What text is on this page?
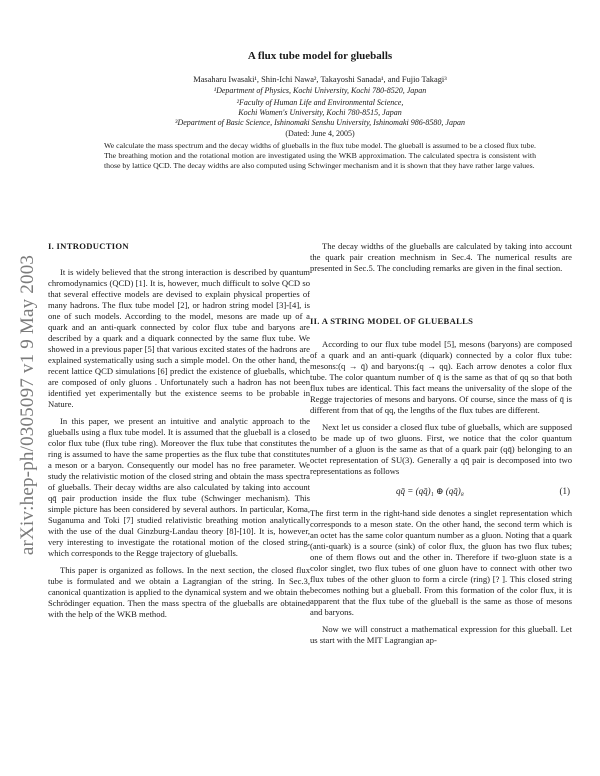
arXiv:hep-ph/0305097 v1 9 May 2003
A flux tube model for glueballs
Masaharu Iwasaki¹, Shin-Ichi Nawa², Takayoshi Sanada¹, and Fujio Takagi³
¹Department of Physics, Kochi University, Kochi 780-8520, Japan
²Faculty of Human Life and Environmental Science,
Kochi Women's University, Kochi 780-8515, Japan
³Department of Basic Science, Ishinomaki Senshu University, Ishinomaki 986-8580, Japan
(Dated: June 4, 2005)
We calculate the mass spectrum and the decay widths of glueballs in the flux tube model. The glueball is assumed to be a closed flux tube. The breathing motion and the rotational motion are investigated using the WKB approximation. The calculated spectra is consistent with those by lattice QCD. The decay widths are also computed using Schwinger mechanism and it is shown that they have rather large values.

I. INTRODUCTION

It is widely believed that the strong interaction is described by quantum chromodynamics (QCD) [1]. It is, however, much difficult to solve QCD so that several effective models are devised to explain physical properties of many hadrons. The flux tube model [2], or hadron string model [3]-[4], is one of such models. According to the model, mesons are made up of a quark and an anti-quark connected by color flux tube and baryons are described by a quark and a diquark connected by the same flux tube. We showed in a previous paper [5] that various excited states of the hadrons are explained systematically using such a simple model. On the other hand, the recent lattice QCD simulations [6] predict the existence of glueballs, which are composed of only gluons . Unfortunately such a hadron has not been identified yet experimentally but the existence seems to be probable in Nature.

In this paper, we present an intuitive and analytic approach to the glueballs using a flux tube model. It is assumed that the glueball is a closed color flux tube (flux tube ring). Moreover the flux tube that constitutes the ring is assumed to have the same properties as the flux tube that constitutes a meson or a baryon. Consequently our model has no free parameter. We study the relativistic motion of the closed string and obtain the mass spectra of glueballs. Their decay widths are also calculated by taking into account qq̄ pair production inside the flux tube (Schwinger mechanism). This simple picture has been considered by several authors. In particular, Koma, Suganuma and Toki [7] studied relativistic breathing motion analytically with the use of the dual Ginzburg-Landau theory [8]-[10]. It is, however, very interesting to investigate the rotational motion of the closed string, which corresponds to the Regge trajectory of glueballs.

This paper is organized as follows. In the next section, the closed flux tube is formulated and we obtain a Lagrangian of the string. In Sec.3, canonical quantization is applied to the dynamical system and we obtain the Schrödinger equation. Then the mass spectra of the glueballs are obtained with the help of the WKB method.

The decay widths of the glueballs are calculated by taking into account the quark pair creation mechnism in Sec.4. The numerical results are presented in Sec.5. The concluding remarks are given in the final section.

II. A STRING MODEL OF GLUEBALLS

According to our flux tube model [5], mesons (baryons) are composed of a quark and an anti-quark (diquark) connected by a color flux tube: mesons:(q → q̄) and baryons:(q → qq). Each arrow denotes a color flux tube. The color quantum number of q̄ is the same as that of qq so that both flux tubes are identical. This fact means the universality of the slope of the Regge trajectories of mesons and baryons. Of course, since the mass of q̄ is different from that of qq, the lengths of the flux tubes are different.

Next let us consider a closed flux tube of glueballs, which are supposed to be made up of two gluons. First, we notice that the color quantum number of a gluon is the same as that of a quark pair (qq̄) belonging to an octet representation of SU(3). Generally a qq̄ pair is decomposed into two representations as follows

qq̄ = (qq̄)₁ ⊕ (qq̄)₈	(1)

The first term in the right-hand side denotes a singlet representation which corresponds to a meson state. On the other hand, the second term which is an octet has the same color quantum number as a gluon. Noting that a quark (anti-quark) is a source (sink) of color flux, the gluon has two flux tubes; one of them flows out and the other in. Therefore if two-gluon state is a color singlet, two flux tubes of one gluon have to connect with other two flux tubes of the other gluon to form a circle (ring) [? ]. This closed string becomes nothing but a glueball. From this formation of the color flux, it is apparent that the flux tube of the glueball is the same as those of mesons and baryons.

Now we will construct a mathematical expression for this glueball. Let us start with the MIT Lagrangian ap-
